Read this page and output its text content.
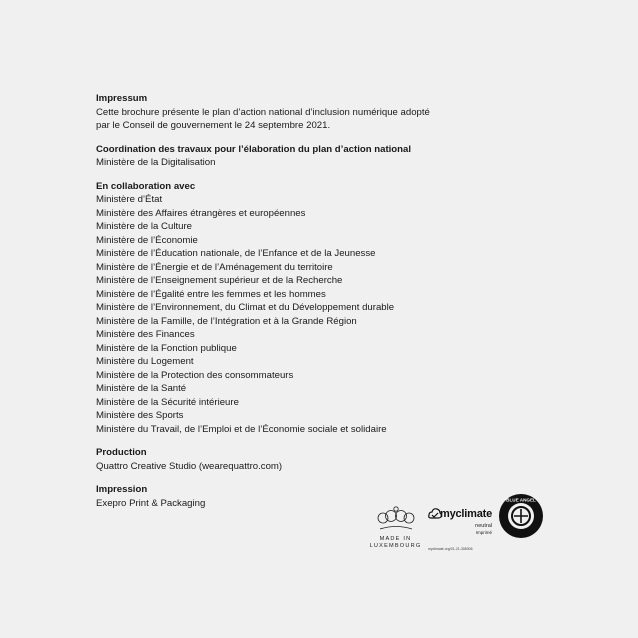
Impressum
Cette brochure présente le plan d’action national d’inclusion numérique adopté
par le Conseil de gouvernement le 24 septembre 2021.
Coordination des travaux pour l’élaboration du plan d’action national
Ministère de la Digitalisation
En collaboration avec
Ministère d’État
Ministère des Affaires étrangères et européennes
Ministère de la Culture
Ministère de l’Économie
Ministère de l’Éducation nationale, de l’Enfance et de la Jeunesse
Ministère de l’Énergie et de l’Aménagement du territoire
Ministère de l’Enseignement supérieur et de la Recherche
Ministère de l’Égalité entre les femmes et les hommes
Ministère de l’Environnement, du Climat et du Développement durable
Ministère de la Famille, de l’Intégration et à la Grande Région
Ministère des Finances
Ministère de la Fonction publique
Ministère du Logement
Ministère de la Protection des consommateurs
Ministère de la Santé
Ministère de la Sécurité intérieure
Ministère des Sports
Ministère du Travail, de l’Emploi et de l’Économie sociale et solidaire
Production
Quattro Creative Studio (wearequattro.com)
Impression
Exepro Print & Packaging
MADE IN
LUXEMBOURG
myclimate
neutral
Imprimé
myclimate.org/01-21-308306
BLUE ANGEL
